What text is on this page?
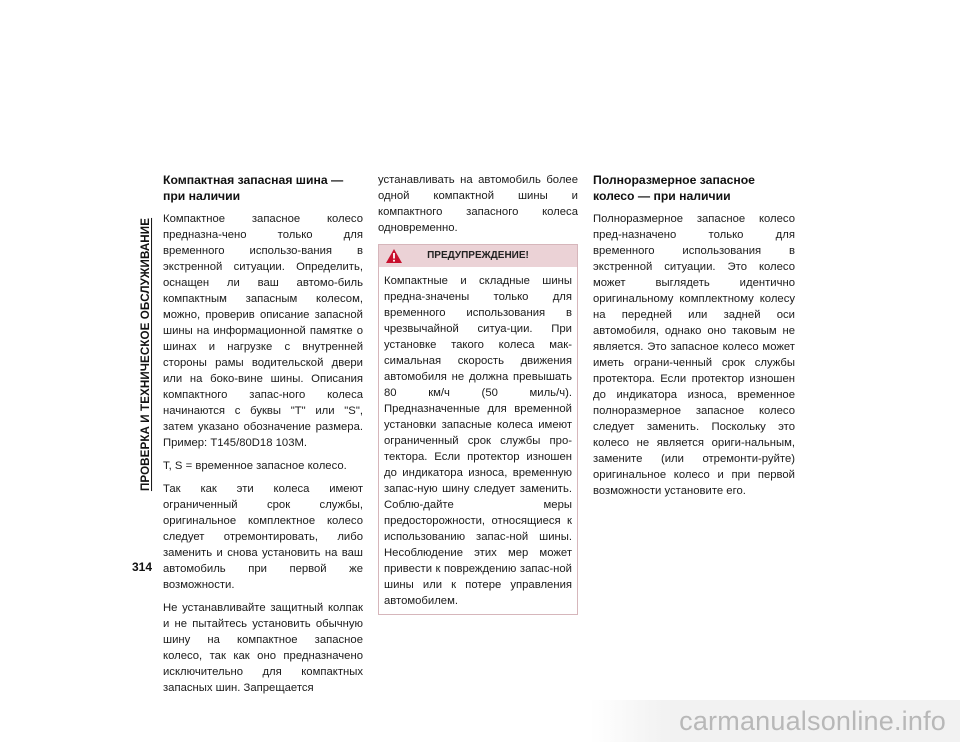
ПРОВЕРКА И ТЕХНИЧЕСКОЕ ОБСЛУЖИВАНИЕ
314
Компактная запасная шина — при наличии

Компактное запасное колесо предназна-чено только для временного использо-вания в экстренной ситуации. Определить, оснащен ли ваш автомо-биль компактным запасным колесом, можно, проверив описание запасной шины на информационной памятке о шинах и нагрузке с внутренней стороны рамы водительской двери или на боко-вине шины. Описания компактного запас-ного колеса начинаются с буквы "T" или "S", затем указано обозначение размера. Пример: T145/80D18 103M.

T, S = временное запасное колесо.

Так как эти колеса имеют ограниченный срок службы, оригинальное комплектное колесо следует отремонтировать, либо заменить и снова установить на ваш автомобиль при первой же возможности.

Не устанавливайте защитный колпак и не пытайтесь установить обычную шину на компактное запасное колесо, так как оно предназначено исключительно для компактных запасных шин. Запрещается

устанавливать на автомобиль более одной компактной шины и компактного запасного колеса одновременно.

ПРЕДУПРЕЖДЕНИЕ!

Компактные и складные шины предна-значены только для временного использования в чрезвычайной ситуа-ции. При установке такого колеса мак-симальная скорость движения автомобиля не должна превышать 80 км/ч (50 миль/ч). Предназначенные для временной установки запасные колеса имеют ограниченный срок службы про-тектора. Если протектор изношен до индикатора износа, временную запас-ную шину следует заменить. Соблю-дайте меры предосторожности, относящиеся к использованию запас-ной шины. Несоблюдение этих мер может привести к повреждению запас-ной шины или к потере управления автомобилем.

Полноразмерное запасное колесо — при наличии

Полноразмерное запасное колесо пред-назначено только для временного использования в экстренной ситуации. Это колесо может выглядеть идентично оригинальному комплектному колесу на передней или задней оси автомобиля, однако оно таковым не является. Это запасное колесо может иметь ограни-ченный срок службы протектора. Если протектор изношен до индикатора износа, временное полноразмерное запасное колесо следует заменить. Поскольку это колесо не является ориги-нальным, замените (или отремонти-руйте) оригинальное колесо и при первой возможности установите его.

carmanualsonline.info
